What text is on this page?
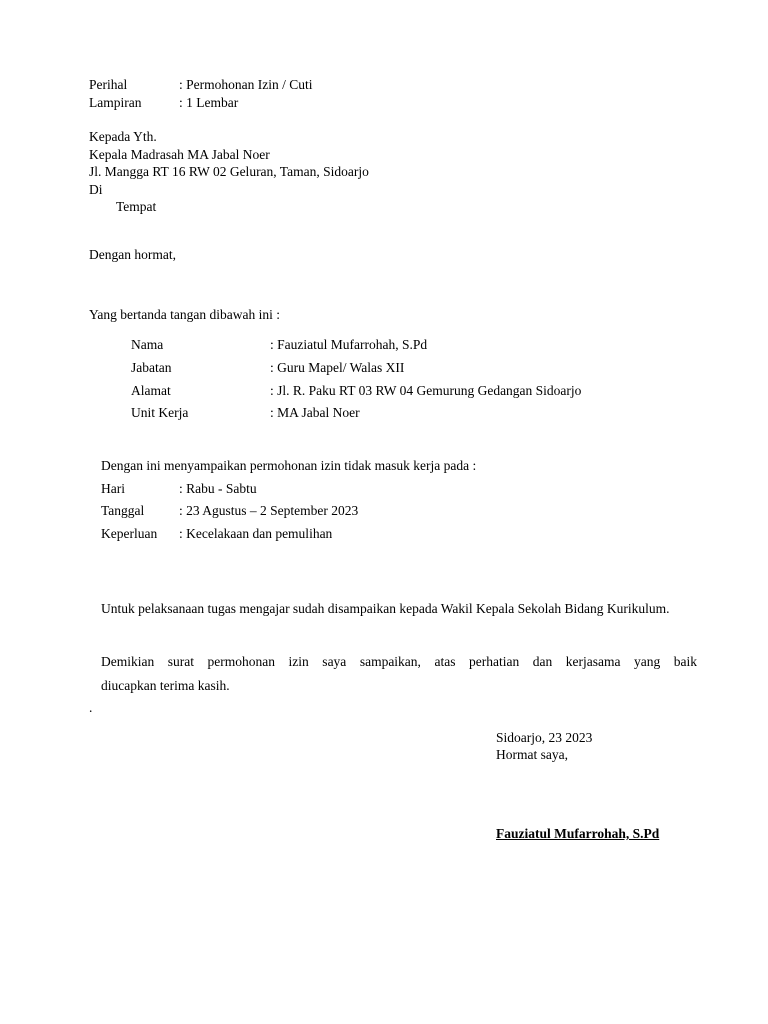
Perihal	: Permohonan Izin / Cuti
Lampiran	: 1 Lembar
Kepada Yth.
Kepala Madrasah MA Jabal Noer
Jl. Mangga RT 16 RW 02 Geluran, Taman, Sidoarjo
Di
Tempat
Dengan hormat,
Yang bertanda tangan dibawah ini :
Nama	: Fauziatul Mufarrohah, S.Pd
Jabatan	: Guru Mapel/ Walas XII
Alamat	: Jl. R. Paku RT 03 RW 04 Gemurung Gedangan Sidoarjo
Unit Kerja	: MA Jabal Noer
Dengan ini menyampaikan permohonan izin tidak masuk kerja pada :
Hari	: Rabu - Sabtu
Tanggal	: 23 Agustus – 2 September 2023
Keperluan : Kecelakaan dan pemulihan
Untuk pelaksanaan tugas mengajar sudah disampaikan kepada Wakil Kepala Sekolah Bidang Kurikulum.
Demikian surat permohonan izin saya sampaikan, atas perhatian dan kerjasama yang baik
diucapkan terima kasih.
.
Sidoarjo, 23 2023
Hormat saya,
Fauziatul Mufarrohah, S.Pd
